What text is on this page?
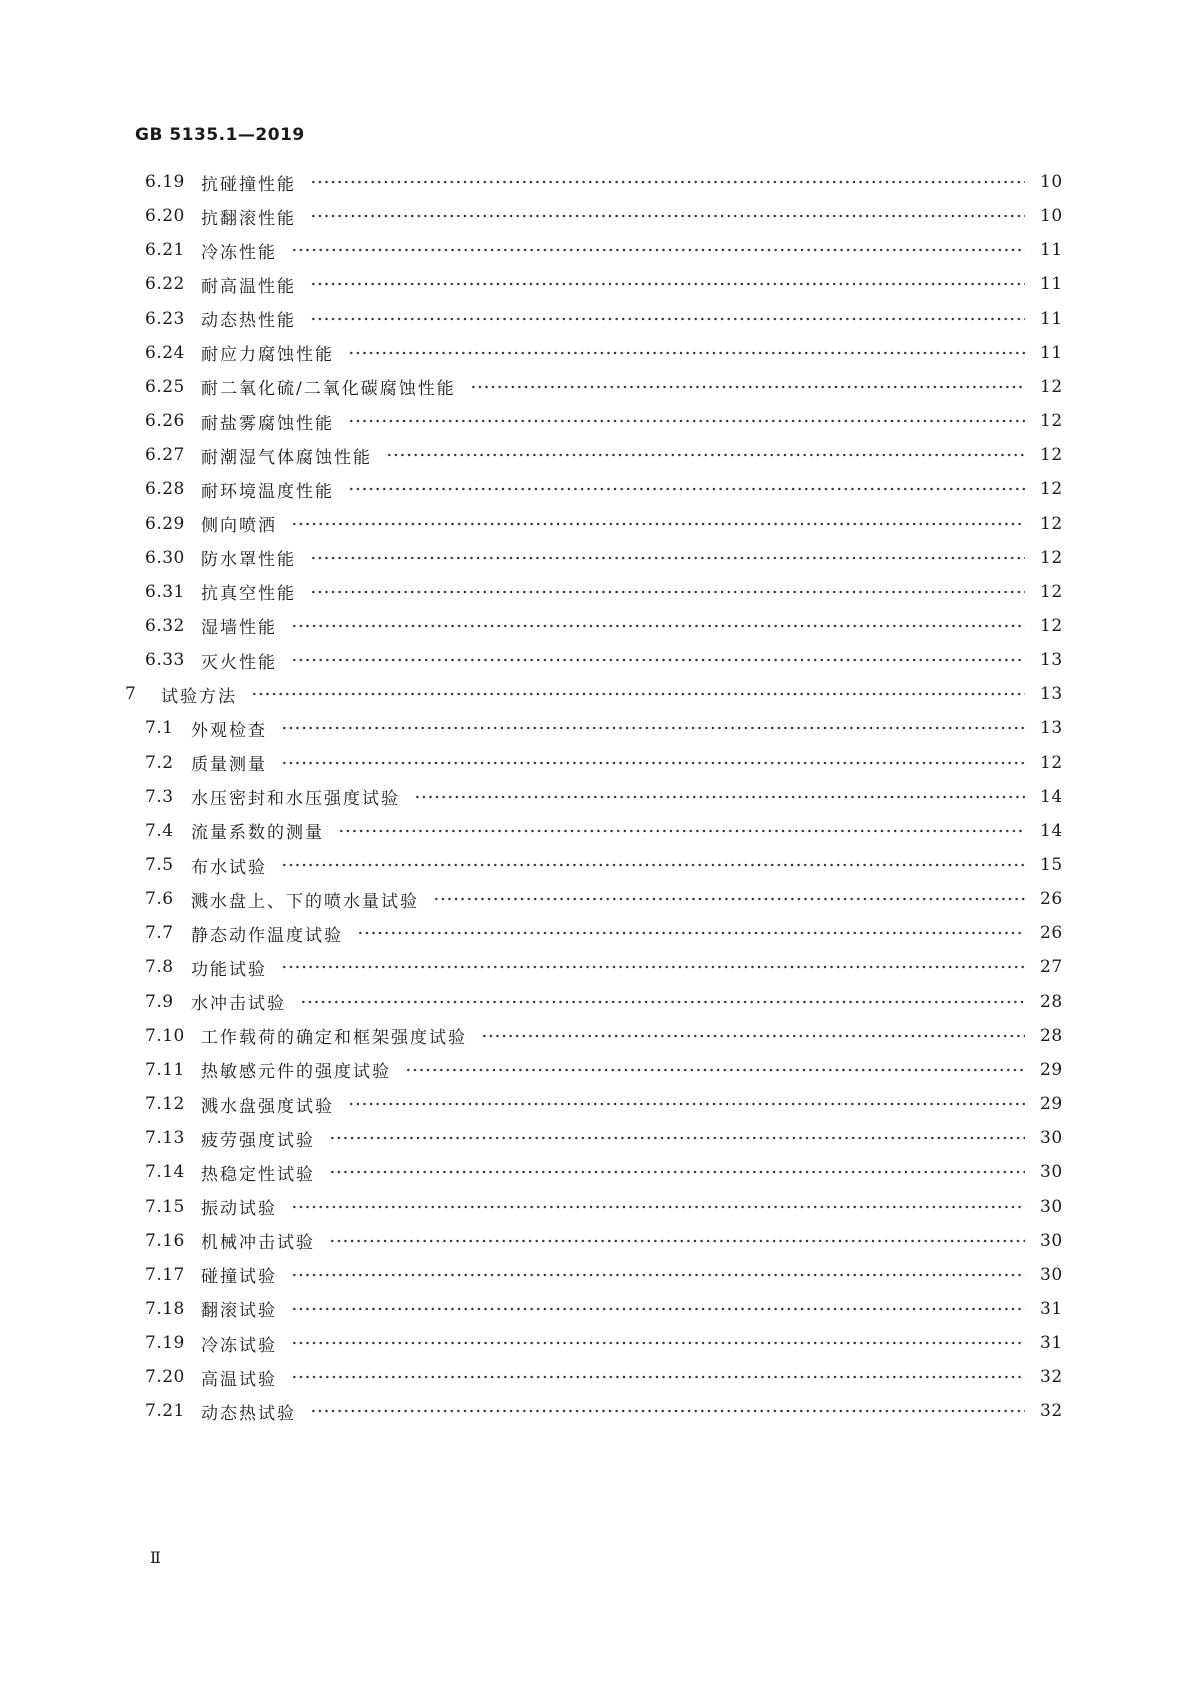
GB 5135.1—2019
6.19 抗碰撞性能	10
6.20 抗翻滚性能	10
6.21 冷冻性能	11
6.22 耐高温性能	11
6.23 动态热性能	11
6.24 耐应力腐蚀性能	11
6.25 耐二氧化硫/二氧化碳腐蚀性能	12
6.26 耐盐雾腐蚀性能	12
6.27 耐潮湿气体腐蚀性能	12
6.28 耐环境温度性能	12
6.29 侧向喷洒	12
6.30 防水罩性能	12
6.31 抗真空性能	12
6.32 湿墙性能	12
6.33 灭火性能	13
7	试验方法	13
7.1	外观检查	13
7.2	质量测量	12
7.3	水压密封和水压强度试验	14
7.4	流量系数的测量	14
7.5	布水试验	15
7.6	溅水盘上、下的喷水量试验	26
7.7	静态动作温度试验	26
7.8	功能试验	27
7.9	水冲击试验	28
7.10 工作载荷的确定和框架强度试验	28
7.11 热敏感元件的强度试验	29
7.12 溅水盘强度试验	29
7.13 疲劳强度试验	30
7.14 热稳定性试验	30
7.15 振动试验	30
7.16 机械冲击试验	30
7.17 碰撞试验	30
7.18 翻滚试验	31
7.19 冷冻试验	31
7.20 高温试验	32
7.21 动态热试验	32
Ⅱ
